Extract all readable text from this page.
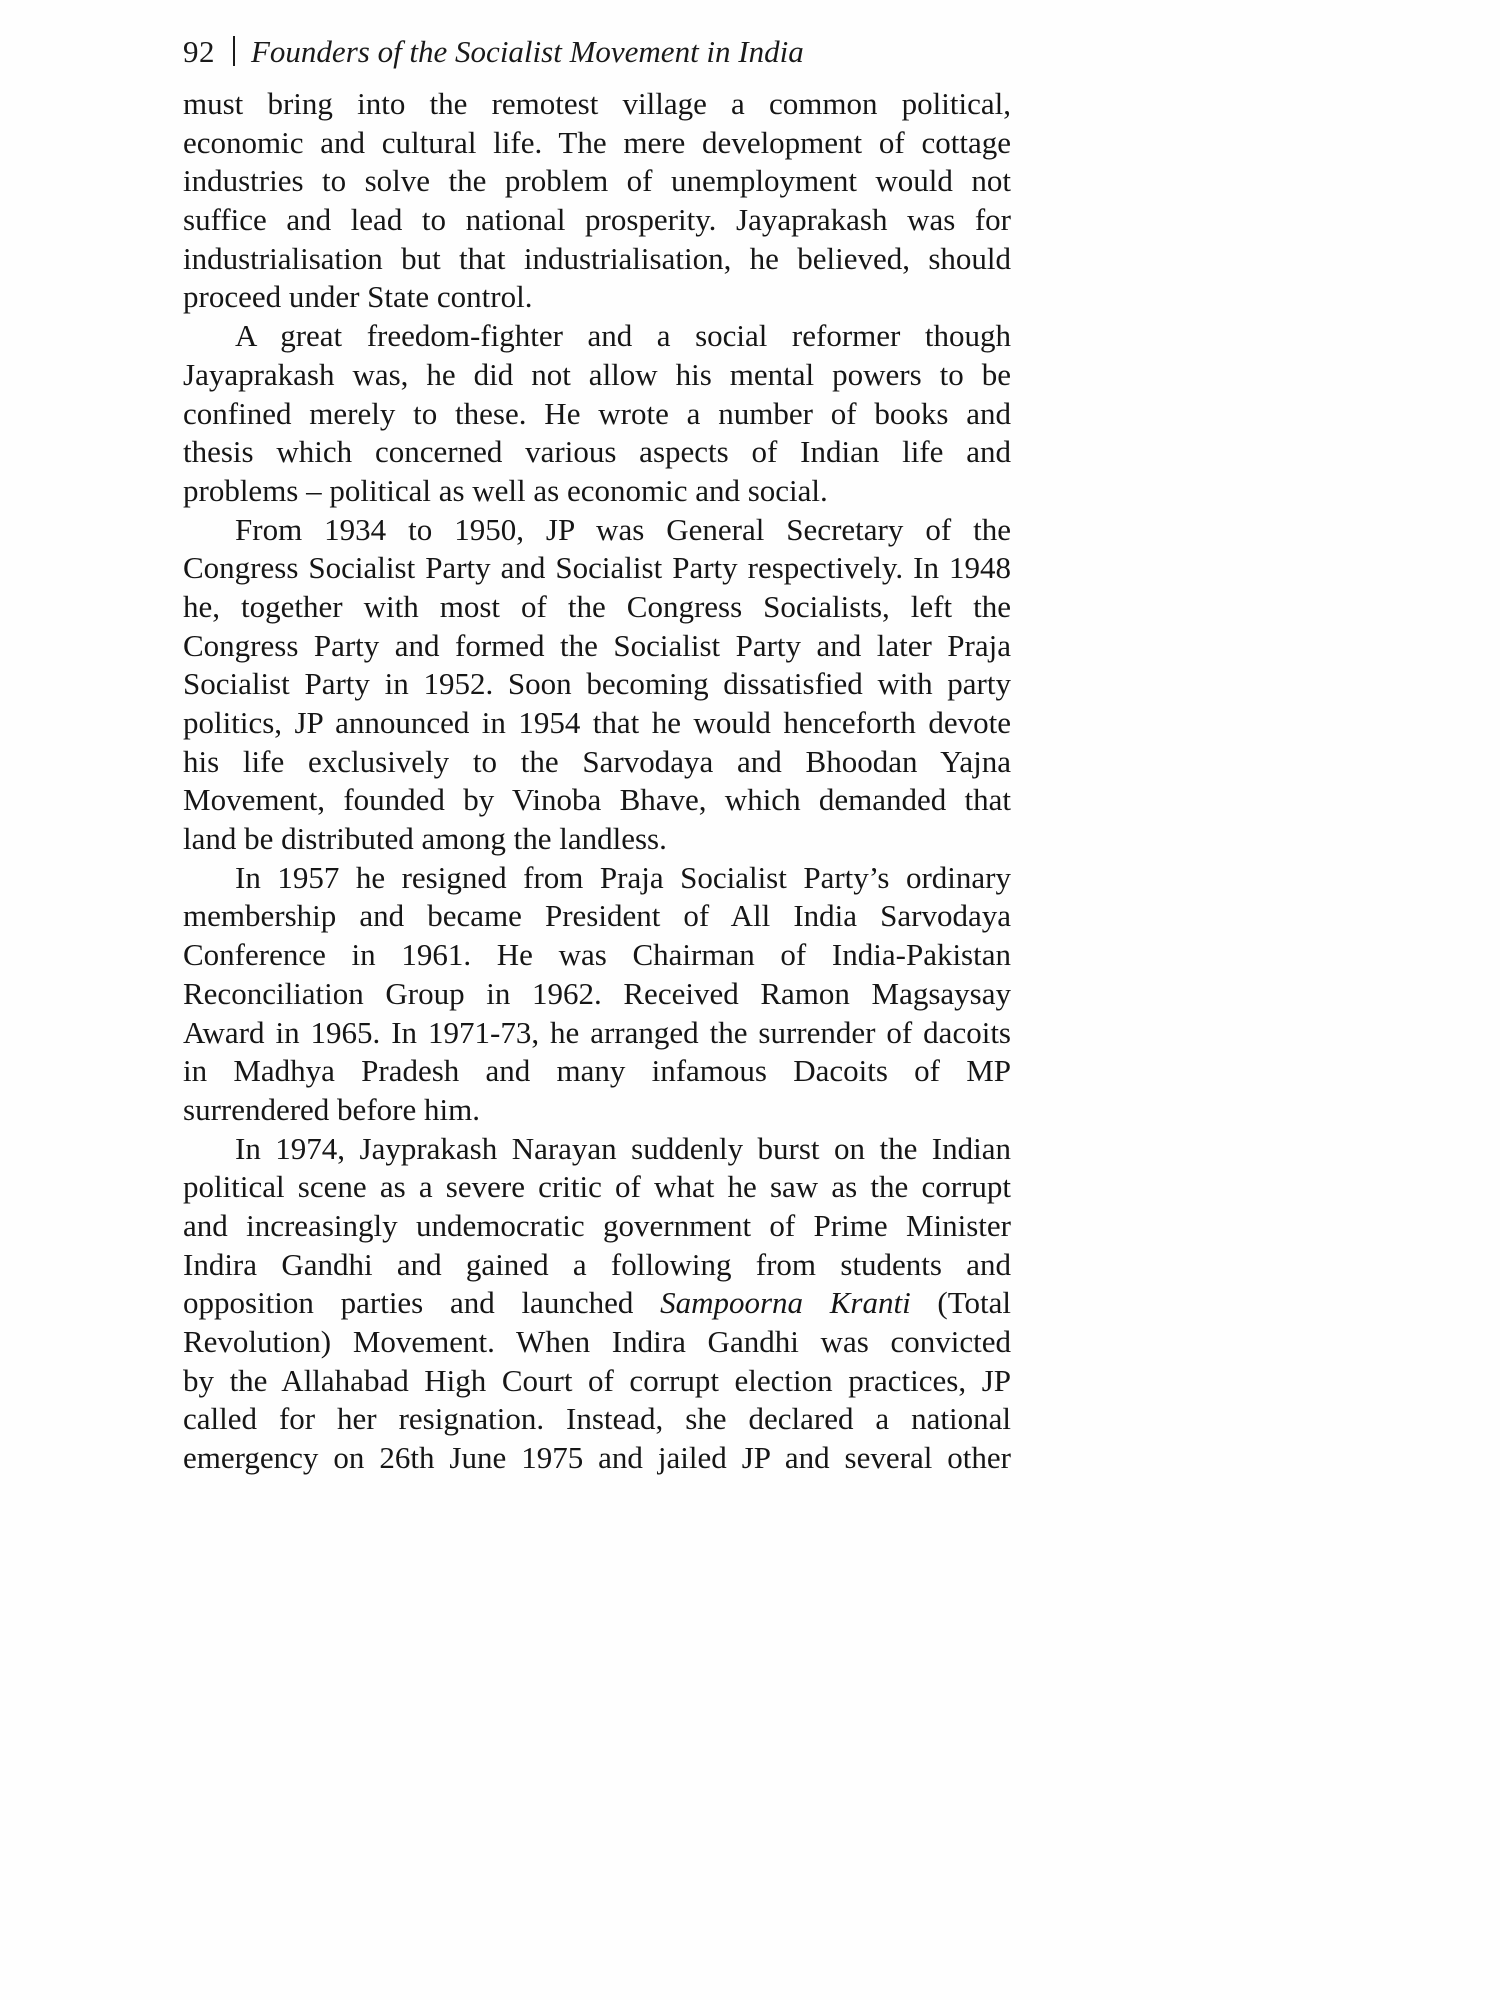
92 Founders of the Socialist Movement in India
must bring into the remotest village a common political,
economic and cultural life. The mere development of cottage
industries to solve the problem of unemployment would not
suffice and lead to national prosperity. Jayaprakash was for
industrialisation but that industrialisation, he believed, should
proceed under State control.
A great freedom-fighter and a social reformer though
Jayaprakash was, he did not allow his mental powers to be
confined merely to these. He wrote a number of books and
thesis which concerned various aspects of Indian life and
problems – political as well as economic and social.
From 1934 to 1950, JP was General Secretary of the
Congress Socialist Party and Socialist Party respectively. In 1948
he, together with most of the Congress Socialists, left the
Congress Party and formed the Socialist Party and later Praja
Socialist Party in 1952. Soon becoming dissatisfied with party
politics, JP announced in 1954 that he would henceforth devote
his life exclusively to the Sarvodaya and Bhoodan Yajna
Movement, founded by Vinoba Bhave, which demanded that
land be distributed among the landless.
In 1957 he resigned from Praja Socialist Party’s ordinary
membership and became President of All India Sarvodaya
Conference in 1961. He was Chairman of India-Pakistan
Reconciliation Group in 1962. Received Ramon Magsaysay
Award in 1965. In 1971-73, he arranged the surrender of dacoits
in Madhya Pradesh and many infamous Dacoits of MP
surrendered before him.
In 1974, Jayprakash Narayan suddenly burst on the Indian
political scene as a severe critic of what he saw as the corrupt
and increasingly undemocratic government of Prime Minister
Indira Gandhi and gained a following from students and
opposition parties and launched Sampoorna Kranti (Total
Revolution) Movement. When Indira Gandhi was convicted
by the Allahabad High Court of corrupt election practices, JP
called for her resignation. Instead, she declared a national
emergency on 26th June 1975 and jailed JP and several other
